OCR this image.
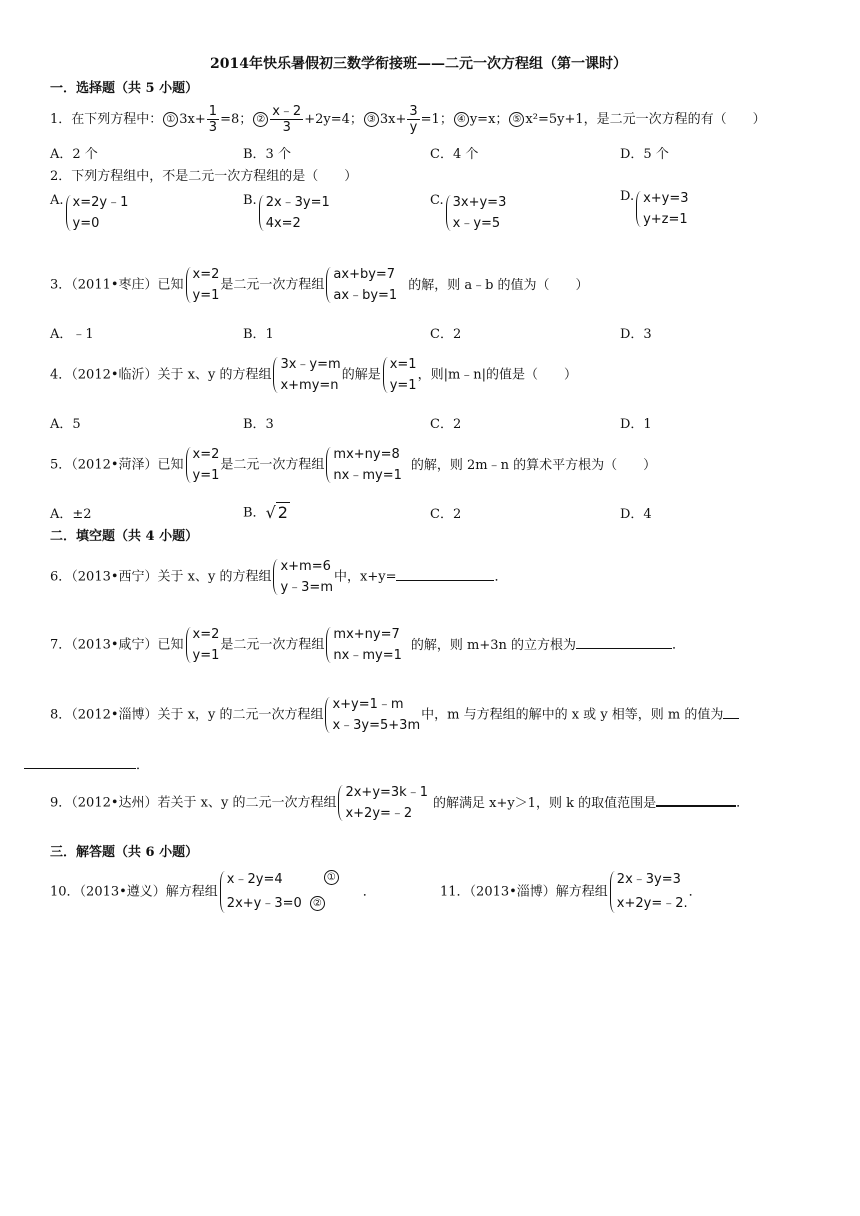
2014年快乐暑假初三数学衔接班——二元一次方程组（第一课时）
一．选择题（共 5 小题）
1．在下列方程中： ① $3x+ \frac{1}{3} =8$； ② $\frac{x﹣2}{3} +2y=4$； ③ $3x+ \frac{3}{y} =1$； ④ y=x； ⑤ x²=5y+1，是二元一次方程的有（　　）
A．2 个	B．3 个	C．4 个	D．5 个
2．下列方程组中，不是二元一次方程组的是（　　）
A. x=2y﹣1
y=0
B. 2x﹣3y=1
4x=2
C. 3x+y=3
x﹣y=5
D. x+y=3
y+z=1
3．（2011•枣庄）已知
x=2
y=1
是二元一次方程组
ax+by=7
ax﹣by=1
的解，则 a﹣b 的值为（　　）
A．﹣1	B．1	C．2	D．3
4．（2012•临沂）关于 x、y 的方程组
3x﹣y=m
x+my=n
的解是
x=1
y=1
，则|m﹣n|的值是（　　）
A．5	B．3	C．2	D．1
5．（2012•菏泽）已知
x=2
y=1
是二元一次方程组
mx+ny=8
nx﹣my=1
的解，则 2m﹣n 的算术平方根为（　　）
A．±2	B．√ 2	C．2	D．4
二．填空题（共 4 小题）
6．（2013•西宁）关于 x、y 的方程组
x+m=6
y﹣3=m
中，x+y=	．
7．（2013•咸宁）已知
x=2
y=1
是二元一次方程组
mx+ny=7
nx﹣my=1
的解，则 m+3n 的立方根为	．
8．（2012•淄博）关于 x，y 的二元一次方程组
x+y=1﹣m
x﹣3y=5+3m
中，m 与方程组的解中的 x 或 y 相等，则 m 的值为
．
9．（2012•达州）若关于 x、y 的二元一次方程组
2x+y=3k﹣1
x+2y=﹣2
的解满足 x+y＞1，则 k 的取值范围是	．
三．解答题（共 6 小题）
10．（2013•遵义）解方程组
x﹣2y=4
2x+y﹣3=0
①
②
．	11．（2013•淄博）解方程组
2x﹣3y=3
x+2y=﹣2.
．
